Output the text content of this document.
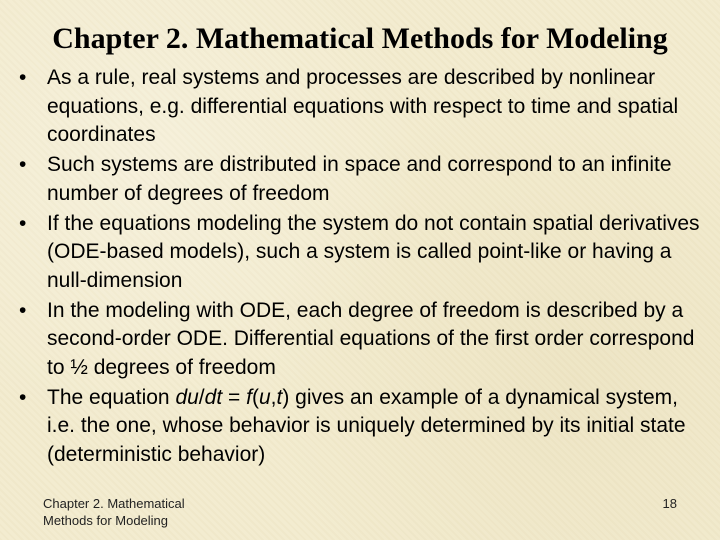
Chapter 2. Mathematical Methods for Modeling
• As a rule, real systems and processes are described by nonlinear equations, e.g. differential equations with respect to time and spatial coordinates
• Such systems are distributed in space and correspond to an infinite number of degrees of freedom
• If the equations modeling the system do not contain spatial derivatives (ODE-based models), such a system is called point-like or having a null-dimension
• In the modeling with ODE, each degree of freedom is described by a second-order ODE. Differential equations of the first order correspond to ½ degrees of freedom
• The equation du/dt = f(u,t) gives an example of a dynamical system, i.e. the one, whose behavior is uniquely determined by its initial state (deterministic behavior)
Chapter 2. Mathematical Methods for Modeling
18
